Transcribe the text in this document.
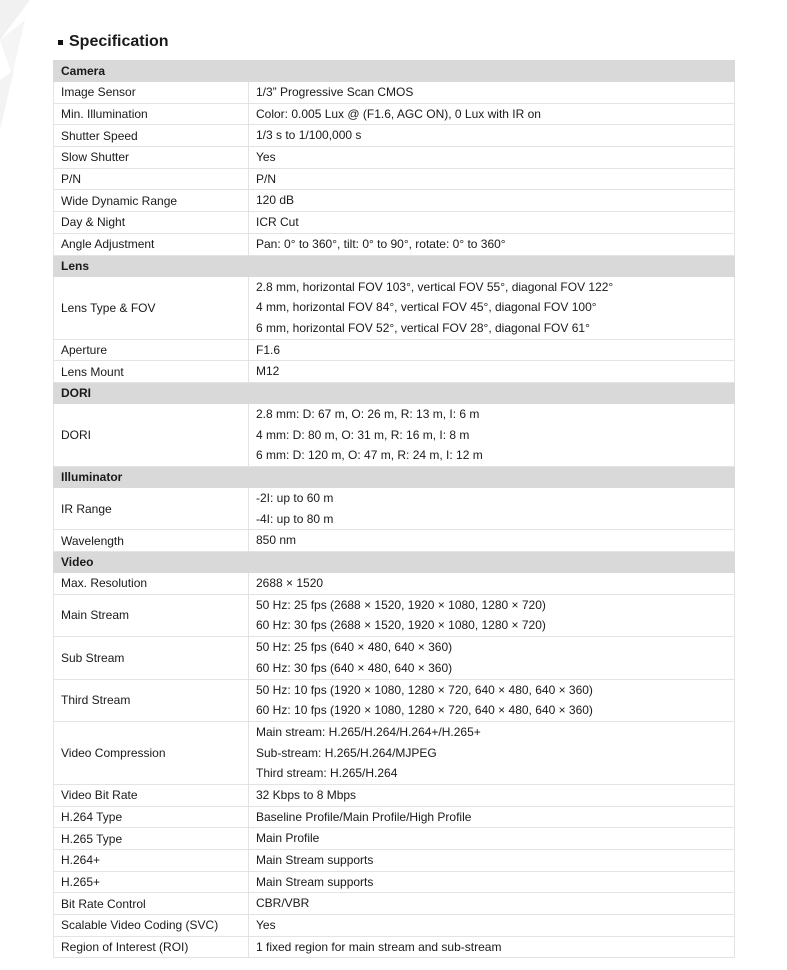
Specification
Camera	
Image Sensor	1/3” Progressive Scan CMOS

Min. Illumination	Color: 0.005 Lux @ (F1.6, AGC ON), 0 Lux with IR on

Shutter Speed	1/3 s to 1/100,000 s

Slow Shutter	Yes

P/N	P/N

Wide Dynamic Range	120 dB

Day & Night	ICR Cut

Angle Adjustment	Pan: 0° to 360°, tilt: 0° to 90°, rotate: 0° to 360°

Lens	
Lens Type & FOV	2.8 mm, horizontal FOV 103°, vertical FOV 55°, diagonal FOV 122°
4 mm, horizontal FOV 84°, vertical FOV 45°, diagonal FOV 100°
6 mm, horizontal FOV 52°, vertical FOV 28°, diagonal FOV 61°

Aperture	F1.6

Lens Mount	M12

DORI	
DORI	2.8 mm: D: 67 m, O: 26 m, R: 13 m, I: 6 m
4 mm: D: 80 m, O: 31 m, R: 16 m, I: 8 m
6 mm: D: 120 m, O: 47 m, R: 24 m, I: 12 m

Illuminator	
IR Range	-2I: up to 60 m
-4I: up to 80 m

Wavelength	850 nm

Video	
Max. Resolution	2688 × 1520

Main Stream	50 Hz: 25 fps (2688 × 1520, 1920 × 1080, 1280 × 720)
60 Hz: 30 fps (2688 × 1520, 1920 × 1080, 1280 × 720)

Sub Stream	50 Hz: 25 fps (640 × 480, 640 × 360)
60 Hz: 30 fps (640 × 480, 640 × 360)

Third Stream	50 Hz: 10 fps (1920 × 1080, 1280 × 720, 640 × 480, 640 × 360)
60 Hz: 10 fps (1920 × 1080, 1280 × 720, 640 × 480, 640 × 360)

Video Compression	Main stream: H.265/H.264/H.264+/H.265+
Sub-stream: H.265/H.264/MJPEG
Third stream: H.265/H.264

Video Bit Rate	32 Kbps to 8 Mbps

H.264 Type	Baseline Profile/Main Profile/High Profile

H.265 Type	Main Profile

H.264+	Main Stream supports

H.265+	Main Stream supports

Bit Rate Control	CBR/VBR

Scalable Video Coding (SVC)	Yes

Region of Interest (ROI)	1 fixed region for main stream and sub-stream
